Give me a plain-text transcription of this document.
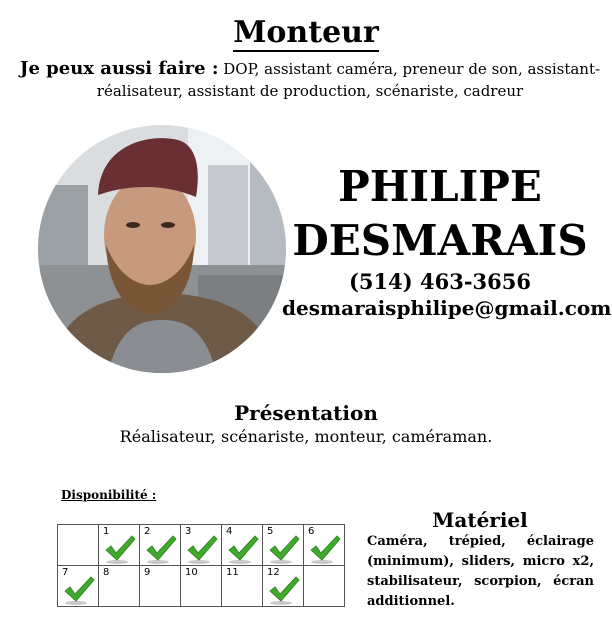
Monteur
Je peux aussi faire : DOP, assistant caméra, preneur de son, assistant-réalisateur, assistant de production, scénariste, cadreur
PHILIPE
DESMARAIS
(514) 463-3656
desmaraisphilipe@gmail.com
Présentation
Réalisateur, scénariste, monteur, caméraman.
Disponibilité :

	1	2	3	4	5	6

7	8	9	10	11	12	

Matériel
Caméra, trépied, éclairage (minimum), sliders, micro x2, stabilisateur, scorpion, écran additionnel.
